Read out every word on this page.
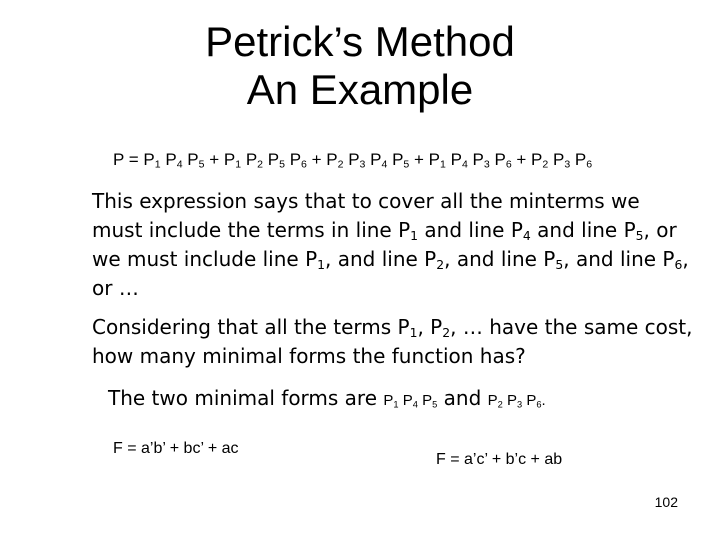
Petrick’s Method
An Example
$P = P_1$ $P_4$ $P_5 + P_1$ $P_2$ $P_5$ $P_6 + P_2$ $P_3$ $P_4$ $P_5 + P_1$ $P_4$ $P_3$ $P_6 + P_2$ $P_3$ $P_6$
This expression says that to cover all the minterms we must include the terms in line $P_1$ and line $P_4$ and line $P_5$, or we must include line $P_1$, and line $P_2$, and line $P_5$, and line $P_6$, or …
Considering that all the terms $P_1$, $P_2$, … have the same cost, how many minimal forms the function has?
The two minimal forms are $P_1$ $P_4$ $P_5$ and $P_2$ $P_3$ $P_6$.
F = a’b’ + bc’ + ac
F = a’c’ + b’c + ab
102
